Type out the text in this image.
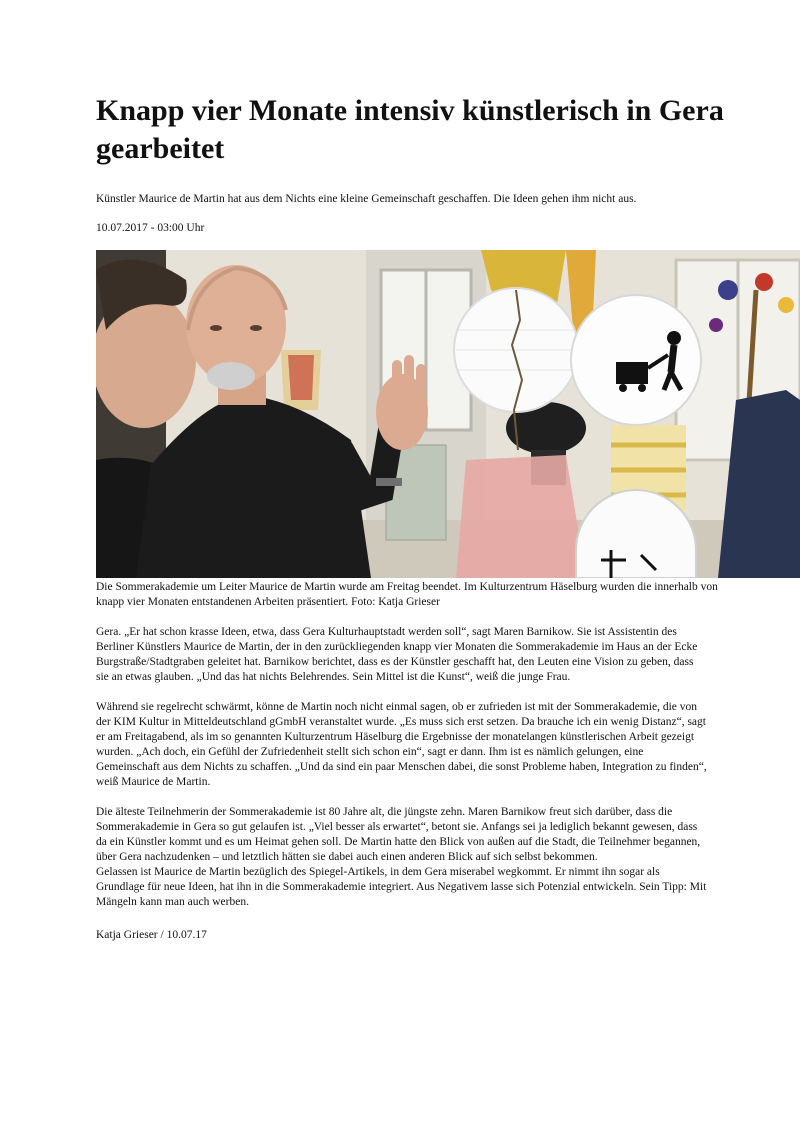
Knapp vier Monate intensiv künstlerisch in Gera gearbeitet
Künstler Maurice de Martin hat aus dem Nichts eine kleine Gemeinschaft geschaffen. Die Ideen gehen ihm nicht aus.
10.07.2017 - 03:00 Uhr
Die Sommerakademie um Leiter Maurice de Martin wurde am Freitag beendet. Im Kulturzentrum Häselburg wurden die innerhalb von knapp vier Monaten entstandenen Arbeiten präsentiert. Foto: Katja Grieser

Gera. „Er hat schon krasse Ideen, etwa, dass Gera Kulturhauptstadt werden soll“, sagt Maren Barnikow. Sie ist Assistentin des Berliner Künstlers Maurice de Martin, der in den zurückliegenden knapp vier Monaten die Sommerakademie im Haus an der Ecke Burgstraße/Stadtgraben geleitet hat. Barnikow berichtet, dass es der Künstler geschafft hat, den Leuten eine Vision zu geben, dass sie an etwas glauben. „Und das hat nichts Belehrendes. Sein Mittel ist die Kunst“, weiß die junge Frau.

Während sie regelrecht schwärmt, könne de Martin noch nicht einmal sagen, ob er zufrieden ist mit der Sommerakademie, die von der KIM Kultur in Mitteldeutschland gGmbH veranstaltet wurde. „Es muss sich erst setzen. Da brauche ich ein wenig Distanz“, sagt er am Freitagabend, als im so genannten Kulturzentrum Häselburg die Ergebnisse der monatelangen künstlerischen Arbeit gezeigt wurden. „Ach doch, ein Gefühl der Zufriedenheit stellt sich schon ein“, sagt er dann. Ihm ist es nämlich gelungen, eine Gemeinschaft aus dem Nichts zu schaffen. „Und da sind ein paar Menschen dabei, die sonst Probleme haben, Integration zu finden“, weiß Maurice de Martin.

Die älteste Teilnehmerin der Sommerakademie ist 80 Jahre alt, die jüngste zehn. Maren Barnikow freut sich darüber, dass die Sommerakademie in Gera so gut gelaufen ist. „Viel besser als erwartet“, betont sie. Anfangs sei ja lediglich bekannt gewesen, dass da ein Künstler kommt und es um Heimat gehen soll. De Martin hatte den Blick von außen auf die Stadt, die Teilnehmer begannen, über Gera nachzudenken – und letztlich hätten sie dabei auch einen anderen Blick auf sich selbst bekommen.

Gelassen ist Maurice de Martin bezüglich des Spiegel-Artikels, in dem Gera miserabel wegkommt. Er nimmt ihn sogar als Grundlage für neue Ideen, hat ihn in die Sommerakademie integriert. Aus Negativem lasse sich Potenzial entwickeln. Sein Tipp: Mit Mängeln kann man auch werben.

Katja Grieser / 10.07.17
